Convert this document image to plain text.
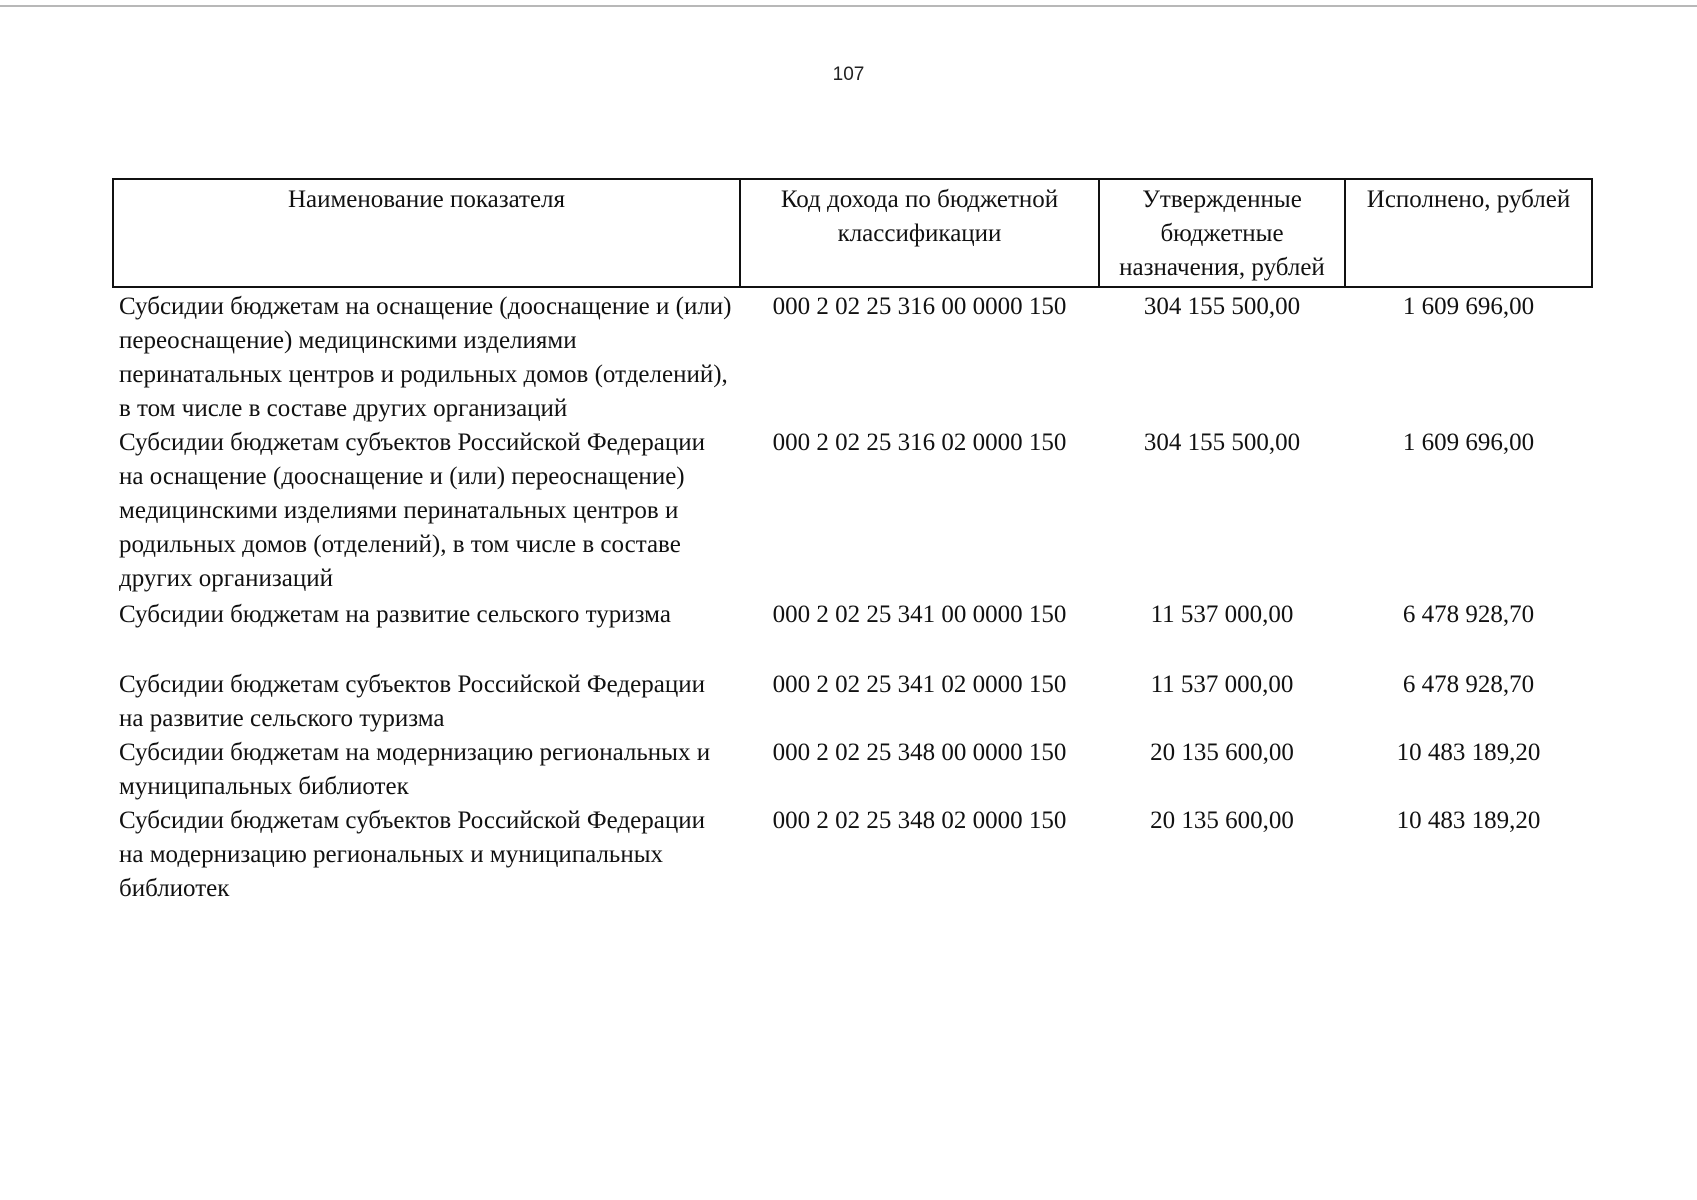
107
Наименование показателя	Код дохода по бюджетной классификации	Утвержденные бюджетные назначения, рублей	Исполнено, рублей
Субсидии бюджетам на оснащение (дооснащение и (или) переоснащение) медицинскими изделиями перинатальных центров и родильных домов (отделений), в том числе в составе других организаций	000 2 02 25 316 00 0000 150	304 155 500,00	1 609 696,00
Субсидии бюджетам субъектов Российской Федерации на оснащение (дооснащение и (или) переоснащение) медицинскими изделиями перинатальных центров и родильных домов (отделений), в том числе в составе других организаций	000 2 02 25 316 02 0000 150	304 155 500,00	1 609 696,00
Субсидии бюджетам на развитие сельского туризма	000 2 02 25 341 00 0000 150	11 537 000,00	6 478 928,70
Субсидии бюджетам субъектов Российской Федерации на развитие сельского туризма	000 2 02 25 341 02 0000 150	11 537 000,00	6 478 928,70
Субсидии бюджетам на модернизацию региональных и муниципальных библиотек	000 2 02 25 348 00 0000 150	20 135 600,00	10 483 189,20
Субсидии бюджетам субъектов Российской Федерации на модернизацию региональных и муниципальных библиотек	000 2 02 25 348 02 0000 150	20 135 600,00	10 483 189,20
